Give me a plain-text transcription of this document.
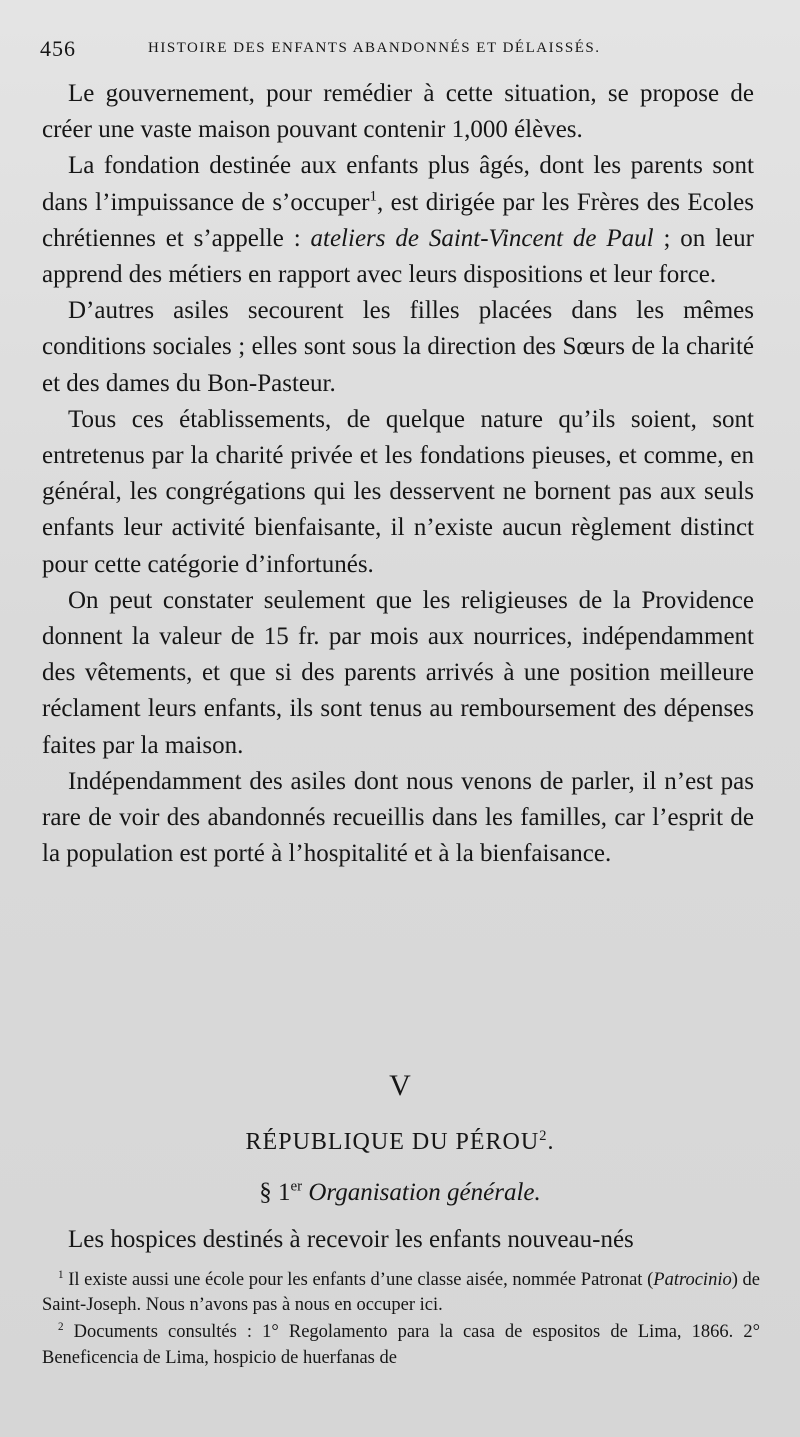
456	HISTOIRE DES ENFANTS ABANDONNÉS ET DÉLAISSÉS.

Le gouvernement, pour remédier à cette situation, se propose de créer une vaste maison pouvant contenir 1,000 élèves.

La fondation destinée aux enfants plus âgés, dont les parents sont dans l’impuissance de s’occuper$^1$, est dirigée par les Frères des Ecoles chrétiennes et s’appelle : ateliers de Saint-Vincent de Paul ; on leur apprend des métiers en rapport avec leurs dispositions et leur force.

D’autres asiles secourent les filles placées dans les mêmes conditions sociales ; elles sont sous la direction des Sœurs de la charité et des dames du Bon-Pasteur.

Tous ces établissements, de quelque nature qu’ils soient, sont entretenus par la charité privée et les fondations pieuses, et comme, en général, les congrégations qui les desservent ne bornent pas aux seuls enfants leur activité bienfaisante, il n’existe aucun règlement distinct pour cette catégorie d’infortunés.

On peut constater seulement que les religieuses de la Providence donnent la valeur de 15 fr. par mois aux nourrices, indépendamment des vêtements, et que si des parents arrivés à une position meilleure réclament leurs enfants, ils sont tenus au remboursement des dépenses faites par la maison.

Indépendamment des asiles dont nous venons de parler, il n’est pas rare de voir des abandonnés recueillis dans les familles, car l’esprit de la population est porté à l’hospitalité et à la bienfaisance.

V
RÉPUBLIQUE DU PÉROU$^2$.
§ 1er Organisation générale.
Les hospices destinés à recevoir les enfants nouveau-nés

$^1$ Il existe aussi une école pour les enfants d’une classe aisée, nommée Patronat (Patrocinio) de Saint-Joseph. Nous n’avons pas à nous en occuper ici.

$^2$ Documents consultés : 1° Regolamento para la casa de espositos de Lima, 1866. 2° Beneficencia de Lima, hospicio de huerfanas de
